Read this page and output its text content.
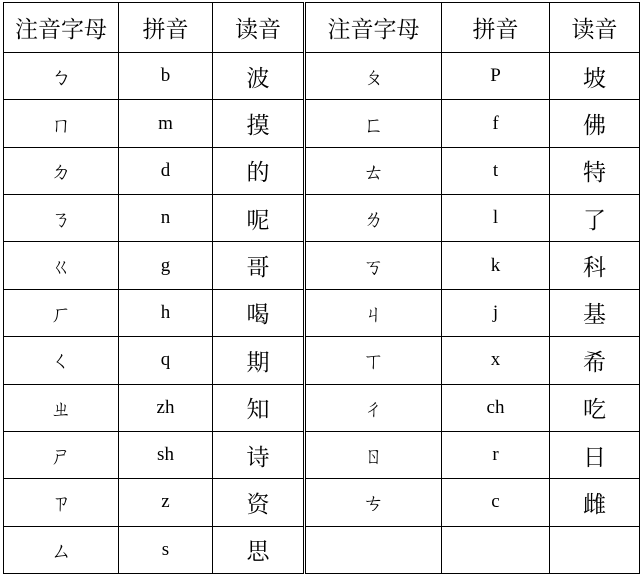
注音字母	拼音	读音	注音字母	拼音	读音
ㄅ	b	波	ㄆ	P	坡
ㄇ	m	摸	ㄈ	f	佛
ㄉ	d	的	ㄊ	t	特
ㄋ	n	呢	ㄌ	l	了
ㄍ	g	哥	ㄎ	k	科
ㄏ	h	喝	ㄐ	j	基
ㄑ	q	期	ㄒ	x	希
ㄓ	zh	知	ㄔ	ch	吃
ㄕ	sh	诗	ㄖ	r	日
ㄗ	z	资	ㄘ	c	雌
ㄙ	s	思			
